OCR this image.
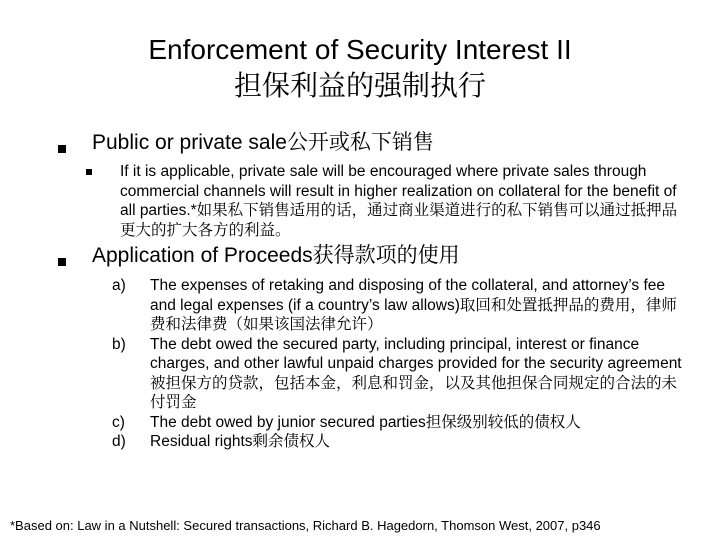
Enforcement of Security Interest II
担保利益的强制执行
Public or private sale公开或私下销售
If it is applicable, private sale will be encouraged where private sales through commercial channels will result in higher realization on collateral for the benefit of all parties.*如果私下销售适用的话，通过商业渠道进行的私下销售可以通过抵押品更大的扩大各方的利益。
Application of Proceeds获得款项的使用
a) The expenses of retaking and disposing of the collateral, and attorney’s fee and legal expenses (if a country’s law allows)取回和处置抵押品的费用，律师费和法律费（如果该国法律允许）
b) The debt owed the secured party, including principal, interest or finance charges, and other lawful unpaid charges provided for the security agreement被担保方的贷款，包括本金，利息和罚金，以及其他担保合同规定的合法的未付罚金
c) The debt owed by junior secured parties担保级别较低的债权人
d) Residual rights剩余债权人
*Based on: Law in a Nutshell: Secured transactions, Richard B. Hagedorn, Thomson West, 2007, p346
